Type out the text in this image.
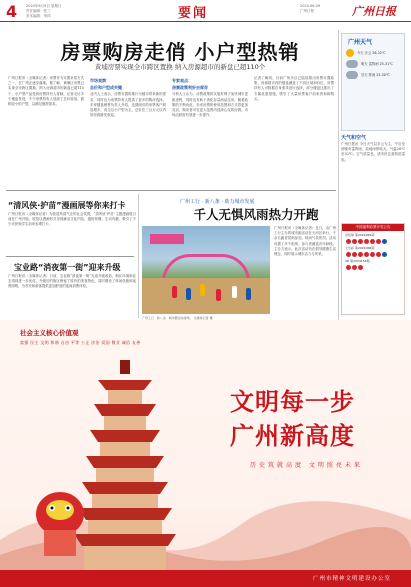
4	2024年6月9日 星期日
责任编辑：张三
美术编辑：李四	要闻	2024.06.09
广州日报	广州日报
房票购房走俏 小户型热销
黄埔房票实现全市跨区置换 纳入房源超市的新盘已超110个
广州日报讯（全媒体记者）房票作为安置补偿方式之一，在广州正逐步落地。据了解，黄埔区房票已实现全市跨区置换，纳入房源超市的新盘已超110个，小户型产品受到房票持有人青睐。记者走访多个楼盘发现，不少房票持有人选择了总价较低、面积较小的户型，以满足刚需需求。
市场观察：
总价和户型成关键
业内人士表示，房票安置的推行为楼市带来新的需求，同时也为房票持有人提供了更多的购房选择。多家楼盘销售负责人介绍，近期到访的房票客户明显增多，成交以小户型为主，总价在三百万元以内的房源最受欢迎。
专家观点：
房票政策利好去库存
分析人士认为，房票政策的实施有利于加快城市更新进程，同时也有助于消化存量商品住房。随着政策的不断优化，未来房票的使用范围和方式将更加灵活，购房者可在更大范围内选择心仪的房源，市场活跃度有望进一步提升。
记者了解到，目前广州多区已陆续推出房票安置政策，房源超市内的楼盘涵盖了不同区域和价位，房票持有人可根据自身需求进行选择，部分楼盘还推出了专属优惠措施，吸引了大量房票客户前来咨询和购买。
广州天气
今天 多云 26-32℃
明天 雷阵雨 25-31℃
后天 阵雨 25-30℃
天气和空气
广州日报讯 今日天气以多云为主，午后至傍晚有雷阵雨，局地雨势较大，气温26℃至32℃。空气质量良，请市民注意防范雷电。
“清风侠·护苗”漫画展等你来打卡
广州日报讯（全媒体记者）为营造风清气正的社会氛围，“清风侠·护苗”主题漫画展日前在广州开展。展览以漫画形式呈现廉洁文化内容，通俗易懂、生动有趣，吸引了不少市民和学生前来参观打卡。
宝业路“消夜第一街”迎来升级
广州日报讯（全媒体记者）日前，宝业路“消夜第一街”完成升级改造，街区环境和业态得到进一步优化。升级后的街区保留了原有的美食特色，同时增设了休闲设施和夜景照明，为市民和游客提供更加舒适的夜间消费体验。
广州工行 · 新八条 · 助力城市发展
千人无惧风雨热力开跑
广州工行 · 新八条 · 城市跑活动现场。 全媒体记者 摄
广州日报讯（全媒体记者）近日，由广州工行主办的城市跑活动在天河区举行，千余名跑者冒雨参加，现场气氛热烈。活动设置了多个组别，参与者涵盖各年龄段。主办方表示，此次活动旨在倡导健康生活理念，同时展示城市活力与风采。
中国福利彩票开奖公告
双色球 第2024065期
七乐彩 第2024066期
3D 第2024152期
社会主义核心价值观
富强 民主 文明 和谐 自由 平等 公正 法治 爱国 敬业 诚信 友善
文明每一步
广州新高度
历史筑就高度 文明照亮未来
广州市精神文明建设办公室
